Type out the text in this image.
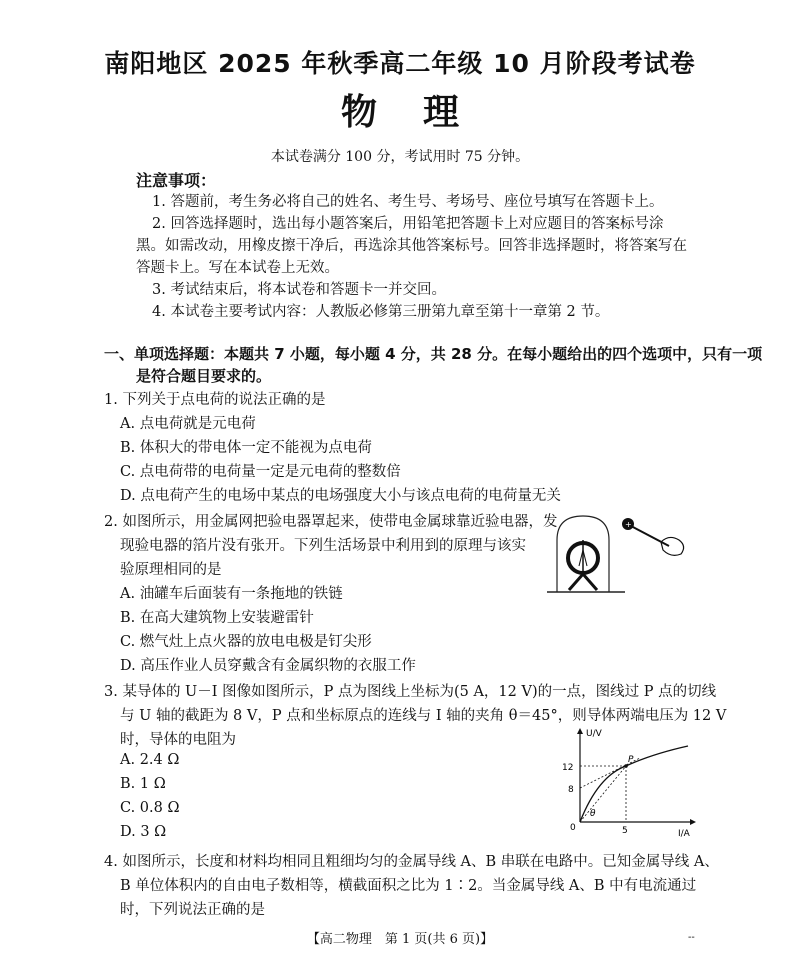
南阳地区 2025 年秋季高二年级 10 月阶段考试卷
物理
本试卷满分 100 分，考试用时 75 分钟。
注意事项：
1. 答题前，考生务必将自己的姓名、考生号、考场号、座位号填写在答题卡上。
2. 回答选择题时，选出每小题答案后，用铅笔把答题卡上对应题目的答案标号涂
黑。如需改动，用橡皮擦干净后，再选涂其他答案标号。回答非选择题时，将答案写在
答题卡上。写在本试卷上无效。
3. 考试结束后，将本试卷和答题卡一并交回。
4. 本试卷主要考试内容：人教版必修第三册第九章至第十一章第 2 节。
一、单项选择题：本题共 7 小题，每小题 4 分，共 28 分。在每小题给出的四个选项中，只有一项
是符合题目要求的。
1. 下列关于点电荷的说法正确的是
A. 点电荷就是元电荷
B. 体积大的带电体一定不能视为点电荷
C. 点电荷带的电荷量一定是元电荷的整数倍
D. 点电荷产生的电场中某点的电场强度大小与该点电荷的电荷量无关
2. 如图所示，用金属网把验电器罩起来，使带电金属球靠近验电器，发
现验电器的箔片没有张开。下列生活场景中利用到的原理与该实
验原理相同的是
A. 油罐车后面装有一条拖地的铁链
B. 在高大建筑物上安装避雷针
C. 燃气灶上点火器的放电电极是钉尖形
D. 高压作业人员穿戴含有金属织物的衣服工作
+
3. 某导体的 U－I 图像如图所示，P 点为图线上坐标为(5 A，12 V)的一点，图线过 P 点的切线
与 U 轴的截距为 8 V，P 点和坐标原点的连线与 I 轴的夹角 θ＝45°，则导体两端电压为 12 V
时，导体的电阻为
A. 2.4 Ω
B. 1 Ω
C. 0.8 Ω
D. 3 Ω
U/V
I/A
0
P
12
8
5
θ
4. 如图所示，长度和材料均相同且粗细均匀的金属导线 A、B 串联在电路中。已知金属导线 A、
B 单位体积内的自由电子数相等，横截面积之比为 1∶2。当金属导线 A、B 中有电流通过
时，下列说法正确的是
【高二物理　第 1 页(共 6 页)】	--
